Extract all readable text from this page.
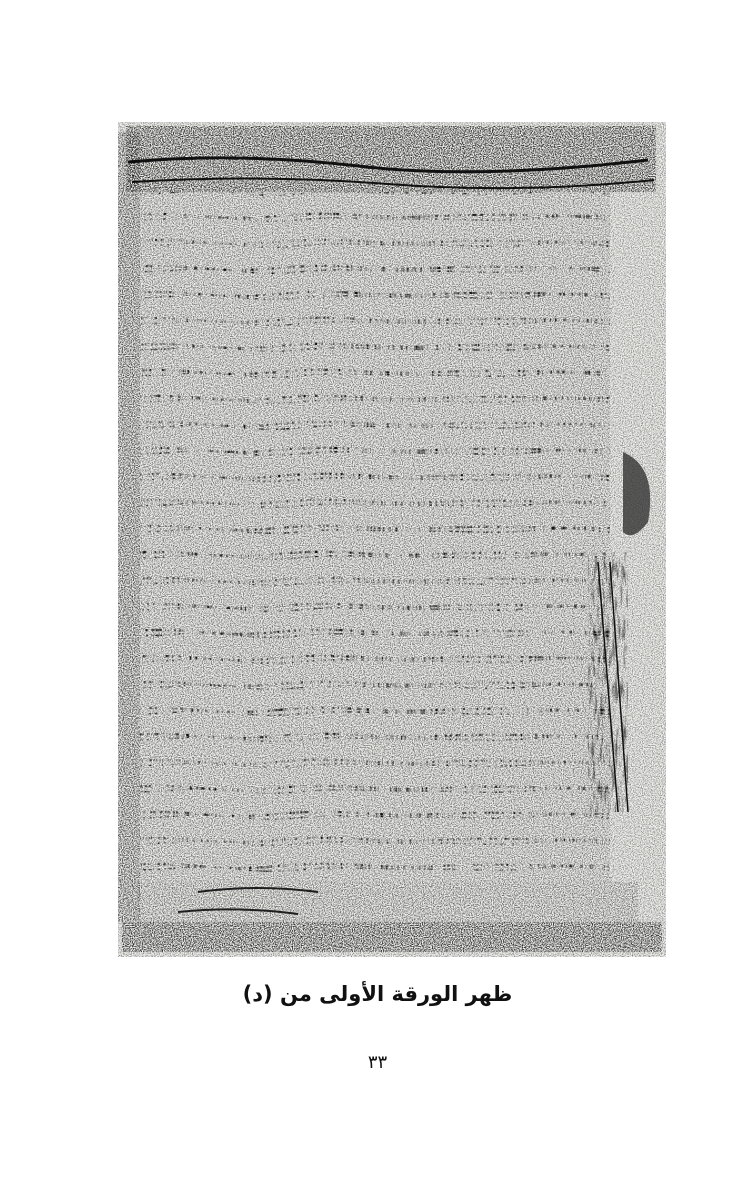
ظهر الورقة الأولى من (د)
٣٣
